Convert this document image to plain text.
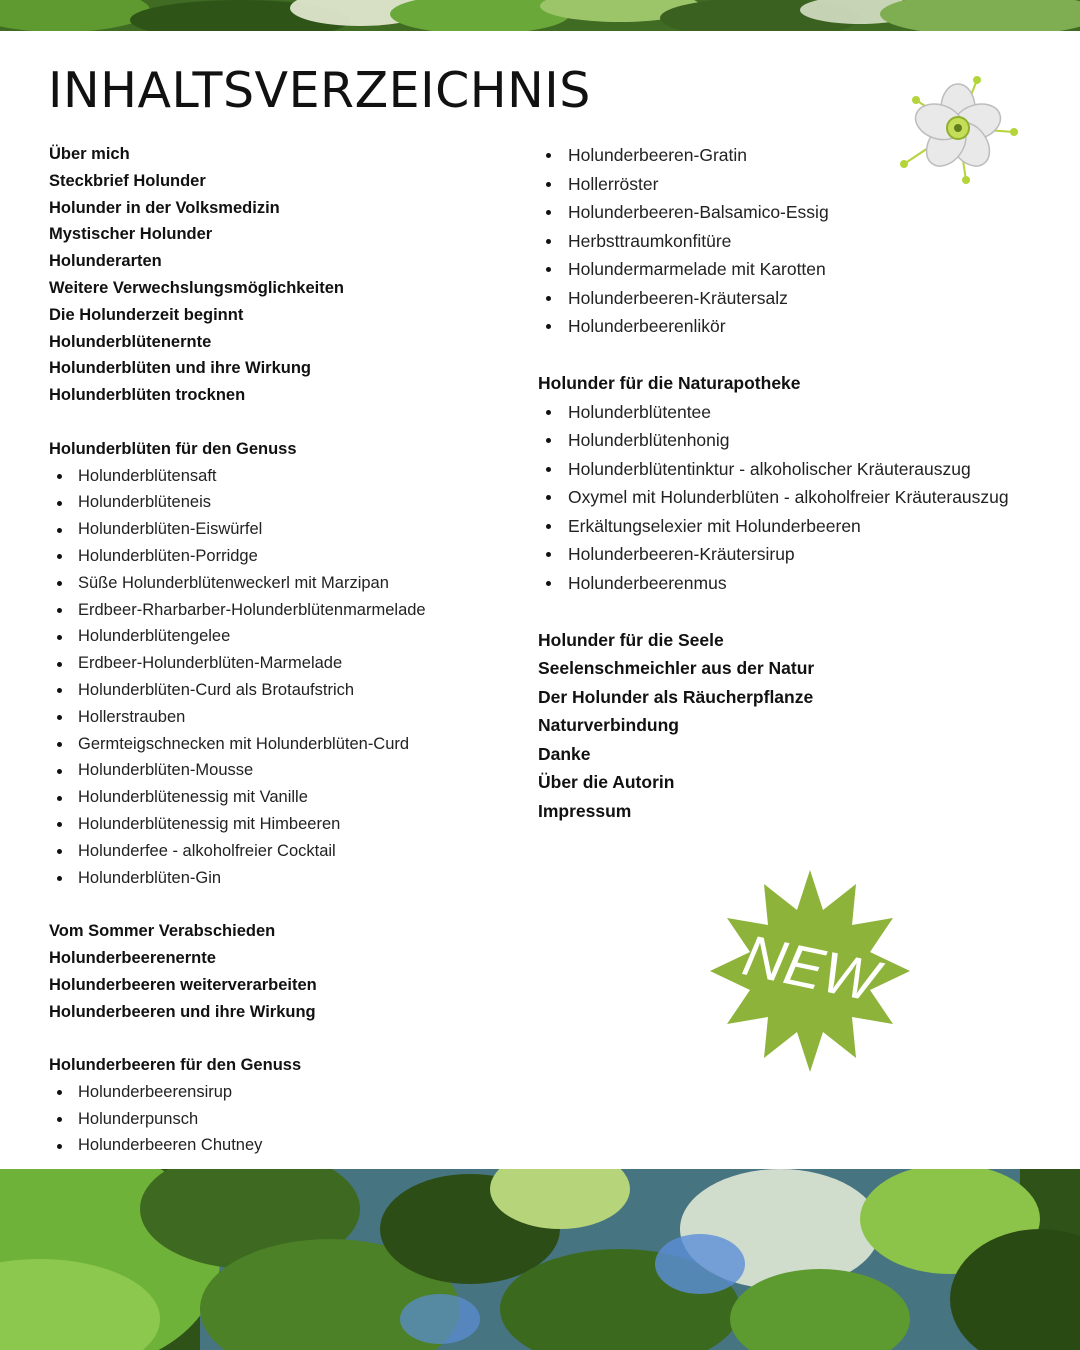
INHALTSVERZEICHNIS
Über mich
Steckbrief Holunder
Holunder in der Volksmedizin
Mystischer Holunder
Holunderarten
Weitere Verwechslungsmöglichkeiten
Die Holunderzeit beginnt
Holunderblütenernte
Holunderblüten und ihre Wirkung
Holunderblüten trocknen
Holunderblüten für den Genuss
Holunderblütensaft
Holunderblüteneis
Holunderblüten-Eiswürfel
Holunderblüten-Porridge
Süße Holunderblütenweckerl mit Marzipan
Erdbeer-Rharbarber-Holunderblütenmarmelade
Holunderblütengelee
Erdbeer-Holunderblüten-Marmelade
Holunderblüten-Curd als Brotaufstrich
Hollerstrauben
Germteigschnecken mit Holunderblüten-Curd
Holunderblüten-Mousse
Holunderblütenessig mit Vanille
Holunderblütenessig mit Himbeeren
Holunderfee - alkoholfreier Cocktail
Holunderblüten-Gin
Vom Sommer Verabschieden
Holunderbeerenernte
Holunderbeeren weiterverarbeiten
Holunderbeeren und ihre Wirkung
Holunderbeeren für den Genuss
Holunderbeerensirup
Holunderpunsch
Holunderbeeren Chutney
Holunderbeeren-Gratin
Hollerröster
Holunderbeeren-Balsamico-Essig
Herbsttraumkonfitüre
Holundermarmelade mit Karotten
Holunderbeeren-Kräutersalz
Holunderbeerenlikör
Holunder für die Naturapotheke
Holunderblütentee
Holunderblütenhonig
Holunderblütentinktur - alkoholischer Kräuterauszug
Oxymel mit Holunderblüten - alkoholfreier Kräuterauszug
Erkältungselexier mit Holunderbeeren
Holunderbeeren-Kräutersirup
Holunderbeerenmus
Holunder für die Seele
Seelenschmeichler aus der Natur
Der Holunder als Räucherpflanze
Naturverbindung
Danke
Über die Autorin
Impressum
NEW
